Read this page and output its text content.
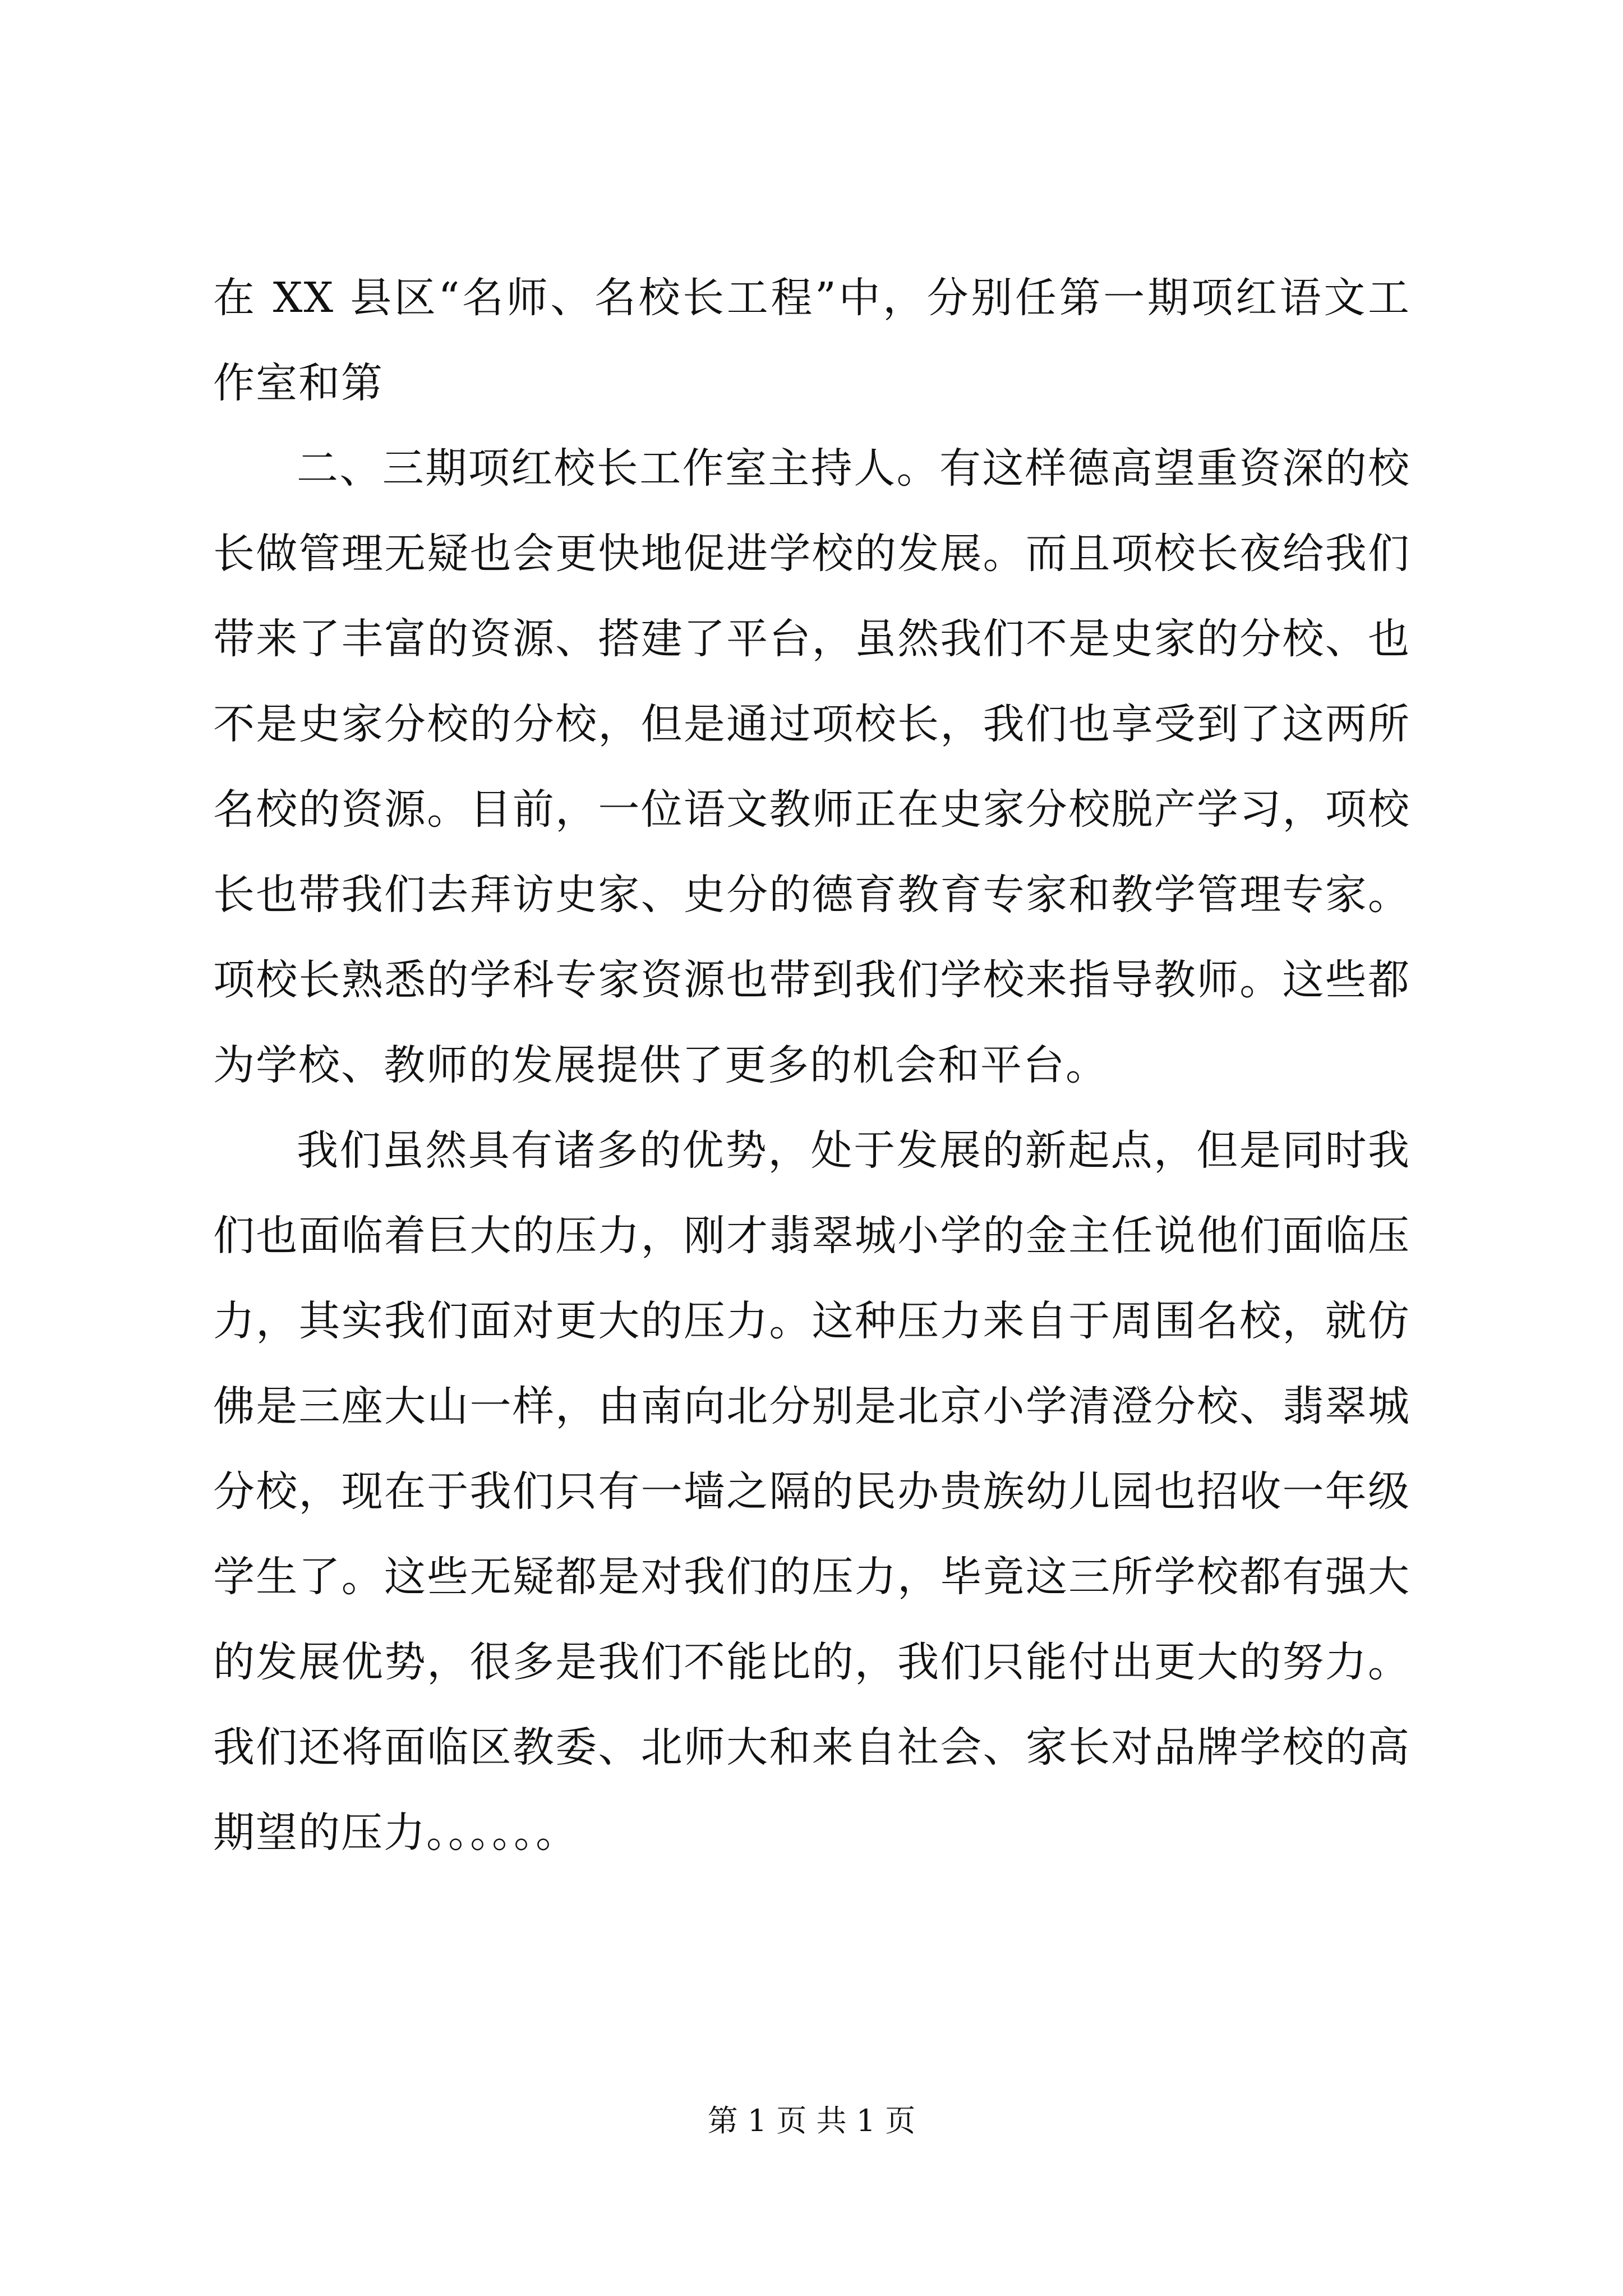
在 XX 县区“名师、名校长工程”中，分别任第一期项红语文工作室和第

二、三期项红校长工作室主持人。有这样德高望重资深的校长做管理无疑也会更快地促进学校的发展。而且项校长夜给我们带来了丰富的资源、搭建了平台，虽然我们不是史家的分校、也不是史家分校的分校，但是通过项校长，我们也享受到了这两所名校的资源。目前，一位语文教师正在史家分校脱产学习，项校长也带我们去拜访史家、史分的德育教育专家和教学管理专家。项校长熟悉的学科专家资源也带到我们学校来指导教师。这些都为学校、教师的发展提供了更多的机会和平台。

我们虽然具有诸多的优势，处于发展的新起点，但是同时我们也面临着巨大的压力，刚才翡翠城小学的金主任说他们面临压力，其实我们面对更大的压力。这种压力来自于周围名校，就仿佛是三座大山一样，由南向北分别是北京小学清澄分校、翡翠城分校，现在于我们只有一墙之隔的民办贵族幼儿园也招收一年级学生了。这些无疑都是对我们的压力，毕竟这三所学校都有强大的发展优势，很多是我们不能比的，我们只能付出更大的努力。我们还将面临区教委、北师大和来自社会、家长对品牌学校的高期望的压力。。。。。。

第 1 页 共 1 页
